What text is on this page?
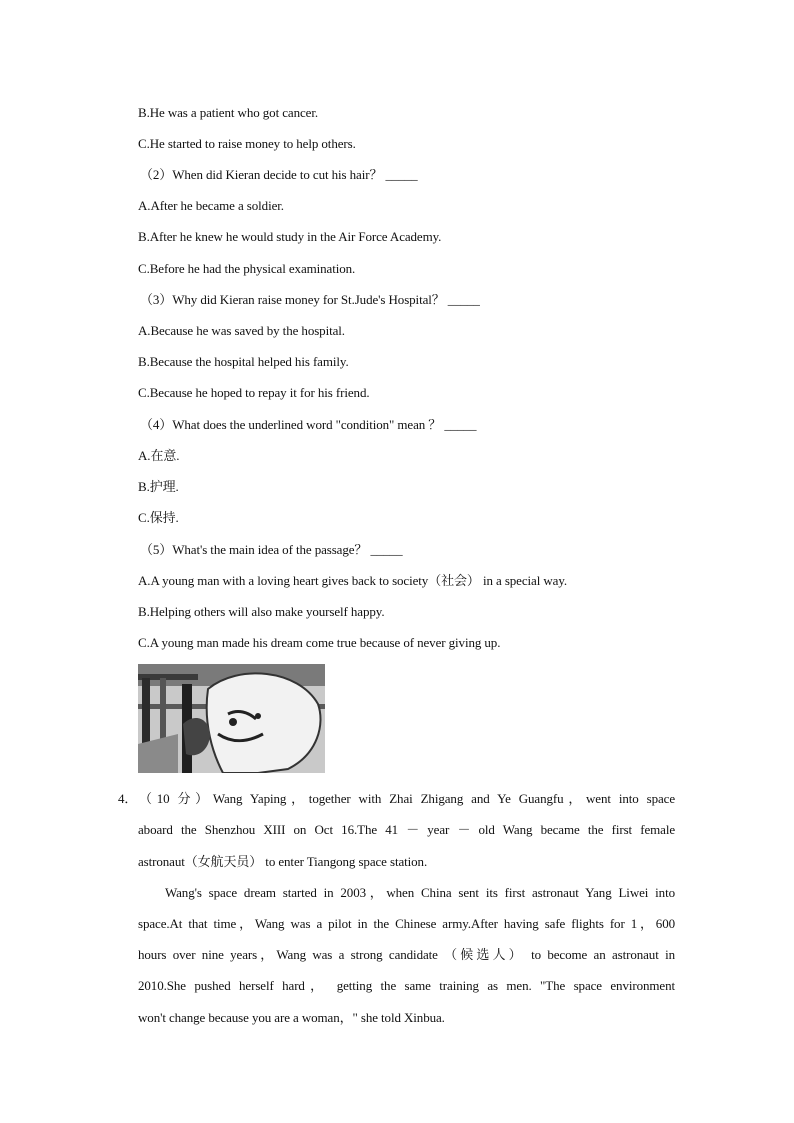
B.He was a patient who got cancer.
C.He started to raise money to help others.
（2）When did Kieran decide to cut his hair？ _____
A.After he became a soldier.
B.After he knew he would study in the Air Force Academy.
C.Before he had the physical examination.
（3）Why did Kieran raise money for St.Jude's Hospital？ _____
A.Because he was saved by the hospital.
B.Because the hospital helped his family.
C.Because he hoped to repay it for his friend.
（4）What does the underlined word "condition" mean ？ _____
A.在意.
B.护理.
C.保持.
（5）What's the main idea of the passage？ _____
A.A young man with a loving heart gives back to society（社会） in a special way.
B.Helping others will also make yourself happy.
C.A young man made his dream come true because of never giving up.
4． （10 分）Wang Yaping，together with Zhai Zhigang and Ye Guangfu，went into space
aboard the Shenzhou XIII on Oct 16.The 41 － year － old Wang became the first female
astronaut（女航天员） to enter Tiangong space station.
Wang's space dream started in 2003，when China sent its first astronaut Yang Liwei into
space.At that time，Wang was a pilot in the Chinese army.After having safe flights for 1，600
hours over nine years，Wang was a strong candidate （候选人） to become an astronaut in
2010.She pushed herself hard， getting the same training as men. "The space environment
won't change because you are a woman，" she told Xinbua.
